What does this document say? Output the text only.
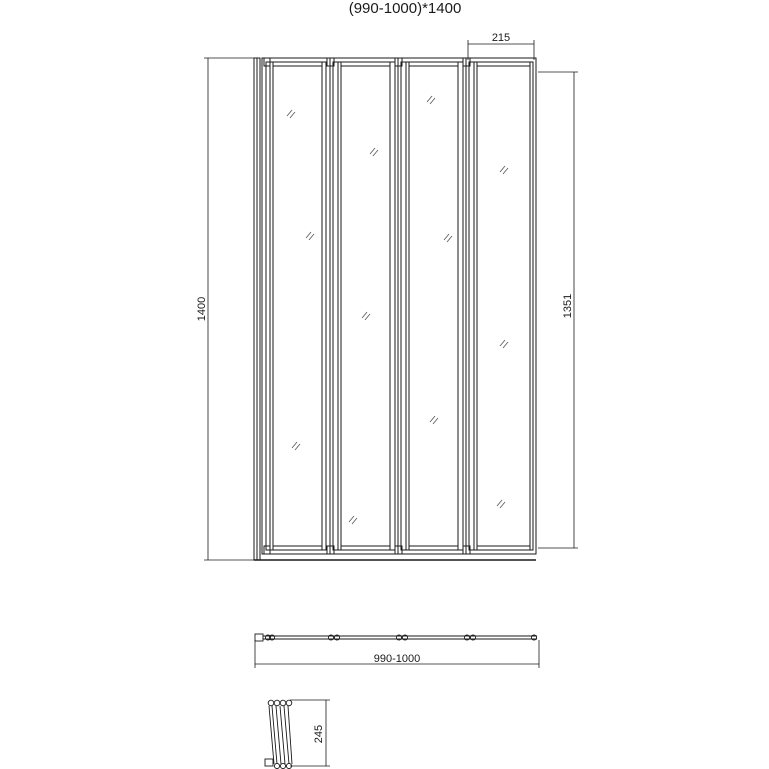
(990-1000)*1400
215
1400	1351
990-1000
245
